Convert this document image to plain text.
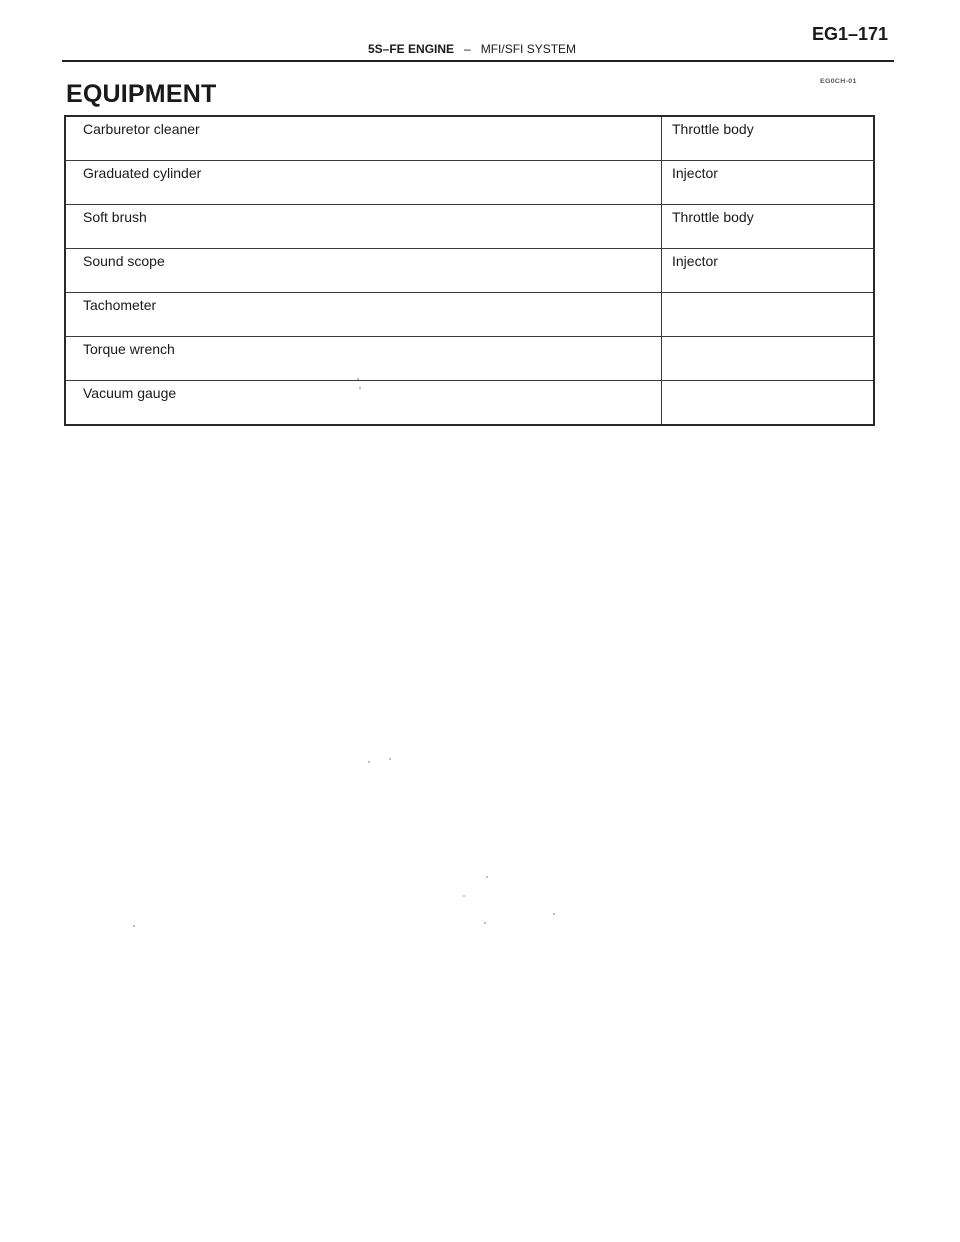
5S–FE ENGINE – MFI/SFI SYSTEM
EG1–171
EQUIPMENT	EG0CH-01
Carburetor cleaner	Throttle body
Graduated cylinder	Injector
Soft brush	Throttle body
Sound scope	Injector
Tachometer	
Torque wrench	
Vacuum gauge	
